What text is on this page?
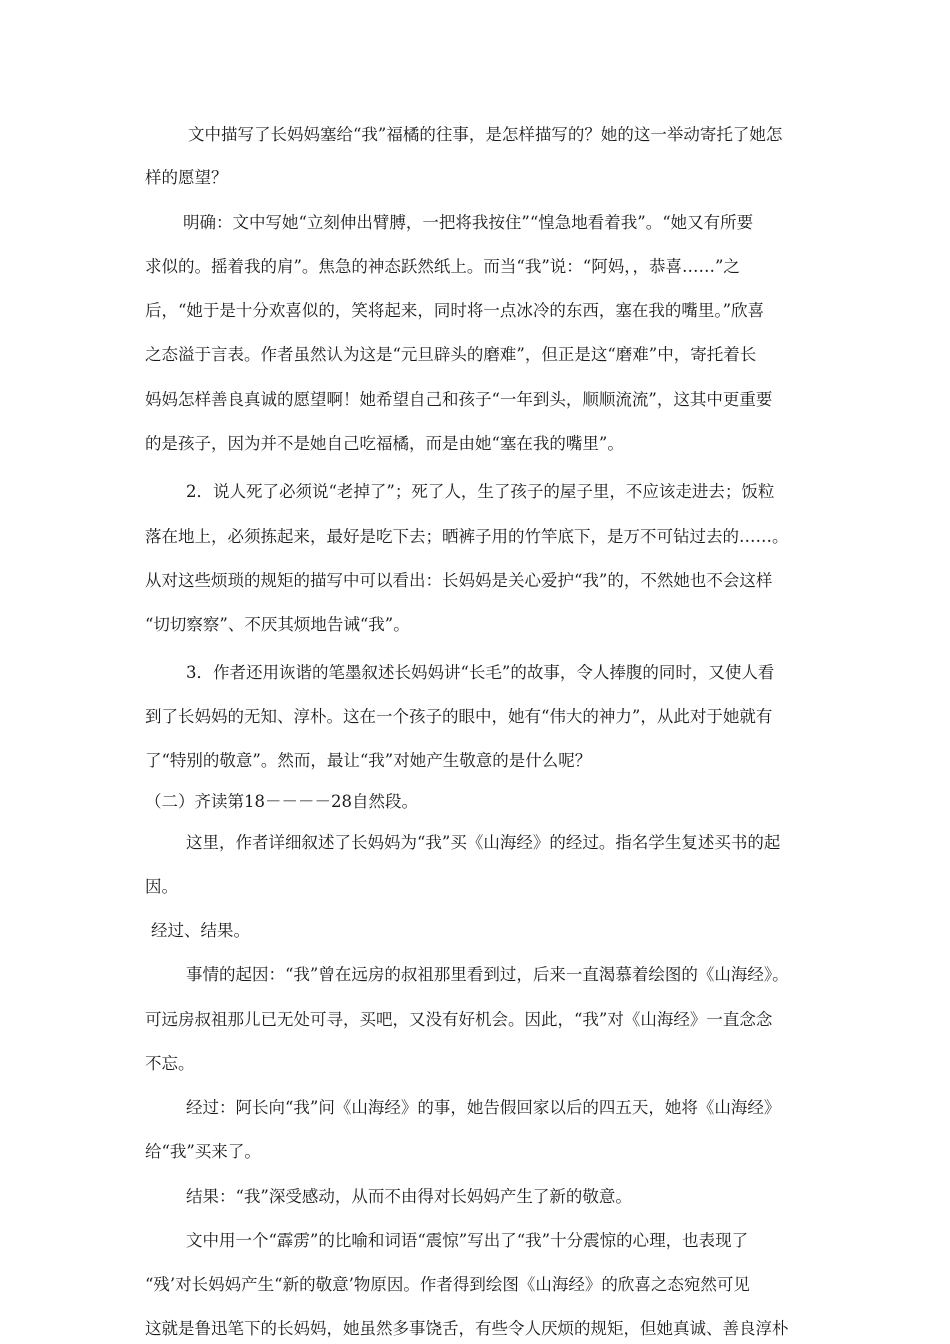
文中描写了长妈妈塞给“我”福橘的往事，是怎样描写的？她的这一举动寄托了她怎
样的愿望？
明确：文中写她“立刻伸出臂膊，一把将我按住”“惶急地看着我”。“她又有所要
求似的。摇着我的肩”。焦急的神态跃然纸上。而当“我”说：“阿妈，，恭喜……”之
后，“她于是十分欢喜似的，笑将起来，同时将一点冰冷的东西，塞在我的嘴里。”欣喜
之态溢于言表。作者虽然认为这是“元旦辟头的磨难”，但正是这“磨难”中，寄托着长
妈妈怎样善良真诚的愿望啊！她希望自己和孩子“一年到头，顺顺流流”，这其中更重要
的是孩子，因为并不是她自己吃福橘，而是由她“塞在我的嘴里”。
2．说人死了必须说“老掉了”；死了人，生了孩子的屋子里，不应该走进去；饭粒
落在地上，必须拣起来，最好是吃下去；晒裤子用的竹竿底下，是万不可钻过去的……。
从对这些烦琐的规矩的描写中可以看出：长妈妈是关心爱护“我”的，不然她也不会这样
“切切察察”、不厌其烦地告诫“我”。
3．作者还用诙谐的笔墨叙述长妈妈讲“长毛”的故事，令人捧腹的同时，又使人看
到了长妈妈的无知、淳朴。这在一个孩子的眼中，她有“伟大的神力”，从此对于她就有
了“特别的敬意”。然而，最让“我”对她产生敬意的是什么呢？
（二）齐读第18－－－－28自然段。
这里，作者详细叙述了长妈妈为“我”买《山海经》的经过。指名学生复述买书的起
因。
经过、结果。
事情的起因：“我”曾在远房的叔祖那里看到过，后来一直渴慕着绘图的《山海经》。
可远房叔祖那儿已无处可寻，买吧，又没有好机会。因此，“我”对《山海经》一直念念
不忘。
经过：阿长向“我”问《山海经》的事，她告假回家以后的四五天，她将《山海经》
给“我”买来了。
结果：“我”深受感动，从而不由得对长妈妈产生了新的敬意。
文中用一个“霹雳”的比喻和词语“震惊”写出了“我”十分震惊的心理，也表现了
“残’对长妈妈产生“新的敬意’物原因。作者得到绘图《山海经》的欣喜之态宛然可见
这就是鲁迅笔下的长妈妈，她虽然多事饶舌，有些令人厌烦的规矩，但她真诚、善良淳朴
